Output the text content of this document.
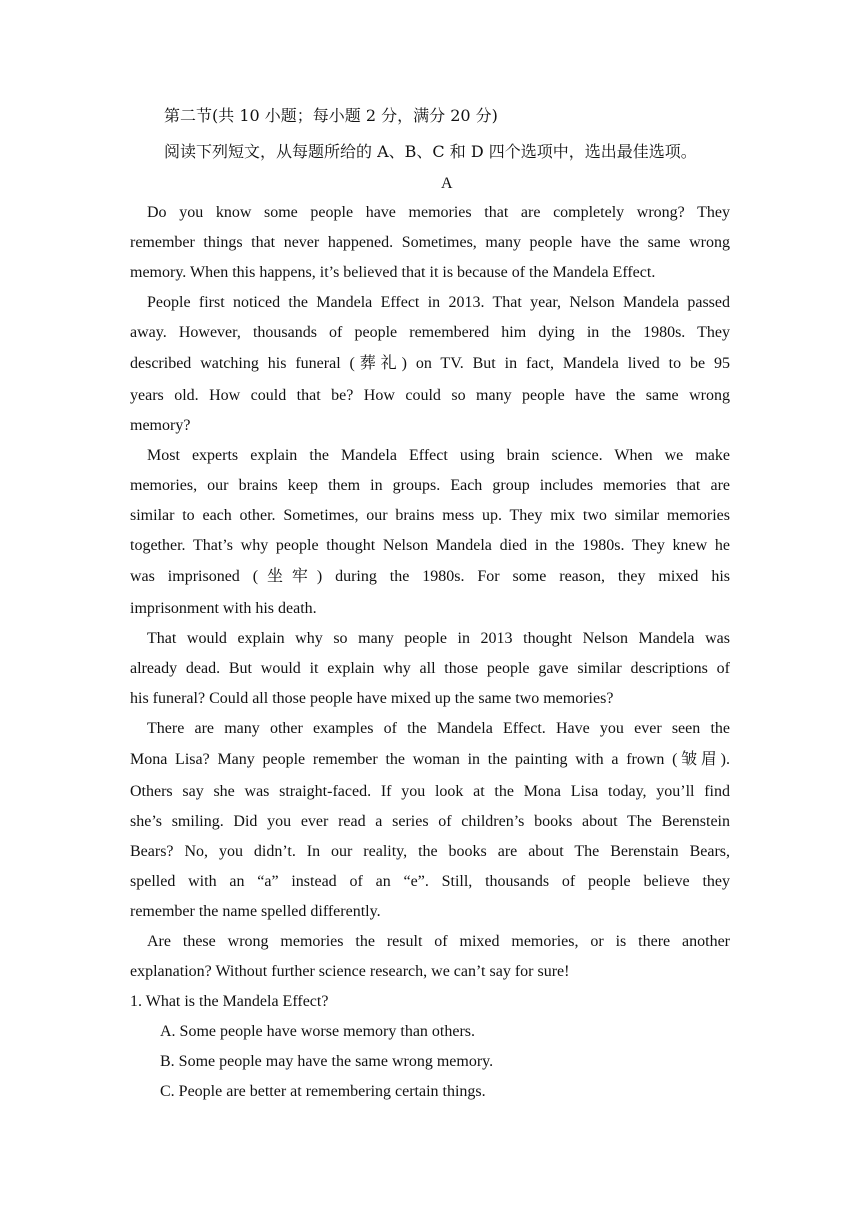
第二节(共 10 小题；每小题 2 分，满分 20 分)
阅读下列短文，从每题所给的 A、B、C 和 D 四个选项中，选出最佳选项。
A
Do you know some people have memories that are completely wrong? They
remember things that never happened. Sometimes, many people have the same wrong
memory. When this happens, it’s believed that it is because of the Mandela Effect.
People first noticed the Mandela Effect in 2013. That year, Nelson Mandela passed
away. However, thousands of people remembered him dying in the 1980s. They
described watching his funeral (葬礼) on TV. But in fact, Mandela lived to be 95
years old. How could that be? How could so many people have the same wrong
memory?
Most experts explain the Mandela Effect using brain science. When we make
memories, our brains keep them in groups. Each group includes memories that are
similar to each other. Sometimes, our brains mess up. They mix two similar memories
together. That’s why people thought Nelson Mandela died in the 1980s. They knew he
was imprisoned (坐牢) during the 1980s. For some reason, they mixed his
imprisonment with his death.
That would explain why so many people in 2013 thought Nelson Mandela was
already dead. But would it explain why all those people gave similar descriptions of
his funeral? Could all those people have mixed up the same two memories?
There are many other examples of the Mandela Effect. Have you ever seen the
Mona Lisa? Many people remember the woman in the painting with a frown (皱眉).
Others say she was straight-faced. If you look at the Mona Lisa today, you’ll find
she’s smiling. Did you ever read a series of children’s books about The Berenstein
Bears? No, you didn’t. In our reality, the books are about The Berenstain Bears,
spelled with an “a” instead of an “e”. Still, thousands of people believe they
remember the name spelled differently.
Are these wrong memories the result of mixed memories, or is there another
explanation? Without further science research, we can’t say for sure!
1. What is the Mandela Effect?
A. Some people have worse memory than others.
B. Some people may have the same wrong memory.
C. People are better at remembering certain things.
